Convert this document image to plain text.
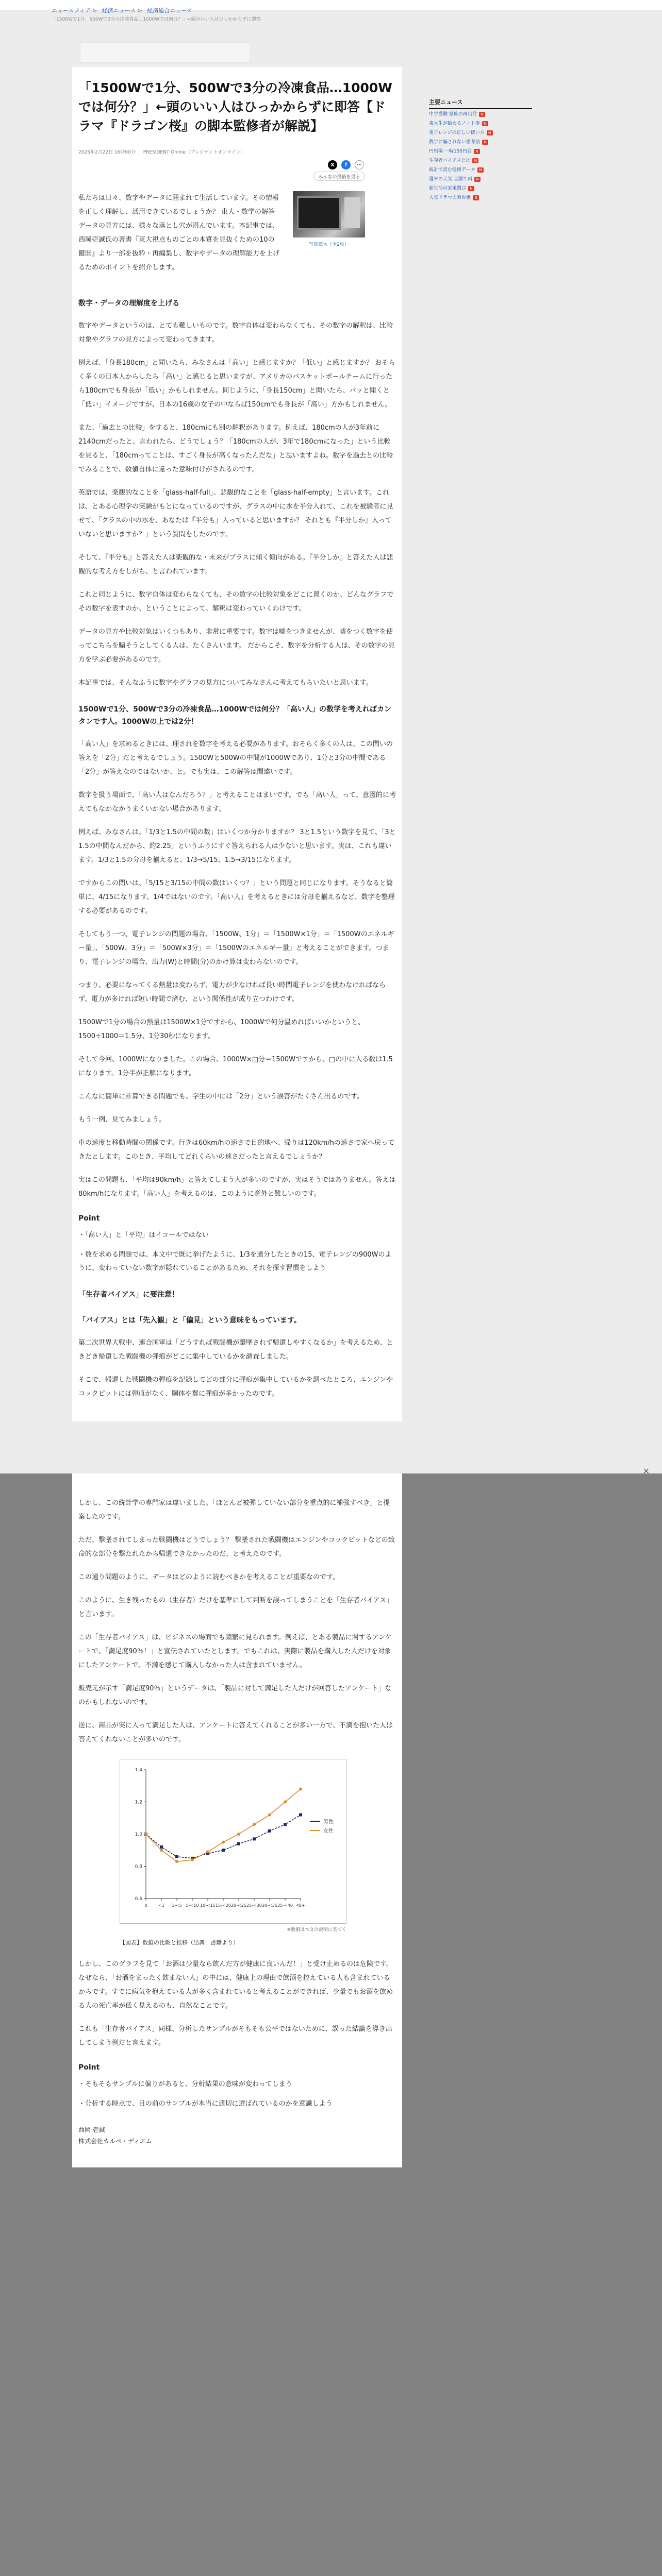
ニュースフィア > 経済ニュース > 経済総合ニュース
「1500Wで1分、500Wで3分の冷凍食品…1000Wでは何分？」←頭のいい人はひっかからずに即答
「1500Wで1分、500Wで3分の冷凍食品…1000Wでは何分？」←頭のいい人はひっかからずに即答【ドラマ『ドラゴン桜』の脚本監修者が解説】
2023年2月22日 16時00分 PRESIDENT Online（プレジデントオンライン）
X	f	⋯
みんなの投稿を見る

私たちは日々、数字やデータに囲まれて生活しています。その情報を正しく理解し、活用できているでしょうか？ 東大・数学の解答データの見方には、様々な落とし穴が潜んでいます。本記事では、西岡壱誠氏の著書『東大視点ものごとの本質を見抜くための10の鍵開』より一部を抜粋・再編集し、数字やデータの理解能力を上げるためのポイントを紹介します。

写真拡大（全2枚）
数字・データの理解度を上げる

数字やデータというのは、とても難しいものです。数字自体は変わらなくても、その数字の解釈は、比較対象やグラフの見方によって変わってきます。

例えば、「身長180cm」と聞いたら、みなさんは「高い」と感じますか？「低い」と感じますか？ おそらく多くの日本人からしたら「高い」と感じると思いますが、アメリカのバスケットボールチームに行ったら180cmでも身長が「低い」かもしれません。同じように、「身長150cm」と聞いたら、パッと聞くと「低い」イメージですが、日本の16歳の女子の中ならば150cmでも身長が「高い」方かもしれません。

また、「過去との比較」をすると、180cmにも別の解釈があります。例えば、180cmの人が3年前に2140cmだったと、言われたら、どうでしょう？「180cmの人が、3年で180cmになった」という比較を見ると、「180cmってことは、すごく身長が高くなったんだな」と思いますよね。数字を過去との比較でみることで、数値自体に違った意味付けがされるのです。

英語では、楽観的なことを「glass-half-full」、悲観的なことを「glass-half-empty」と言います。これは、とある心理学の実験がもとになっているのですが、グラスの中に水を半分入れて、これを被験者に見せて、「グラスの中の水を、あなたは『半分も』入っていると思いますか？ それとも『半分しか』入っていないと思いますか？」という質問をしたのです。

そして、『半分も』と答えた人は楽観的な・未来がプラスに傾く傾向がある。『半分しか』と答えた人は悲観的な考え方をしがち、と言われています。

これと同じように、数字自体は変わらなくても、その数字の比較対象をどこに置くのか、どんなグラフでその数字を表すのか、ということによって、解釈は変わっていくわけです。

データの見方や比較対象はいくつもあり、非常に重要です。数字は嘘をつきませんが、嘘をつく数字を使ってこちらを騙そうとしてくる人は、たくさんいます。 だからこそ、数字を分析する人は、その数字の見方を学ぶ必要があるのです。

本記事では、そんなふうに数字やグラフの見方についてみなさんに考えてもらいたいと思います。

1500Wで1分、500Wで3分の冷凍食品…1000Wでは何分？「高い人」の数学を考えればカンタンです人。1000Wの上では2分！

「高い人」を求めるときには、理されを数字を考える必要があります。おそらく多くの人は、この問いの答えを「2分」だと考えるでしょう。1500Wと500Wの中間が1000Wであり、1分と3分の中間である「2分」が答えなのではないか、と。でも実は、この解答は間違いです。

数字を扱う場面で、「高い人はなんだろう？」と考えることはまいです。でも「高い人」って、意図的に考えてもなかなかうまくいかない場合があります。

例えば、みなさんは、「1/3と1.5の中間の数」はいくつか分かりますか？ 3と1.5という数字を見て、「3と1.5の中間なんだから、約2.25」というふうにすぐ答えられる人は少ないと思います。実は、これも違います。1/3と1.5の分母を揃えると、1/3→5/15、1.5→3/15になります。

ですからこの問いは、「5/15と3/15の中間の数はいくつ？」という問題と同じになります。そうなると簡単に、4/15になります。1/4ではないのです。「高い人」を考えるときには分母を揃えるなど、数字を整理する必要があるのです。

そしてもう一つ、電子レンジの問題の場合、「1500W、1分」＝「1500W×1分」＝「1500Wのエネルギー量」、「500W、3分」＝「500W×3分」＝「1500Wのエネルギー量」と考えることができます。つまり、電子レンジの場合、出力(W)と時間(分)のかけ算は変わらないのです。

つまり、必要になってくる熱量は変わらず、電力が少なければ長い時間電子レンジを使わなければならず、電力が多ければ短い時間で済む、という関係性が成り立つわけです。

1500Wで1分の場合の熱量は1500W×1分ですから、1000Wで何分温めればいいかというと、1500÷1000＝1.5分、1分30秒になります。

そして今回、1000Wになりました。この場合、1000W×□分＝1500Wですから、□の中に入る数は1.5になります。1分半が正解になります。

こんなに簡単に計算できる問題でも、学生の中には「2分」という誤答がたくさん出るのです。

もう一例、見てみましょう。

車の速度と移動時間の関係です。行きは60km/hの速さで目的地へ、帰りは120km/hの速さで家へ戻ってきたとします。このとき、平均してどれくらいの速さだったと言えるでしょうか？

実はこの問題も、「平均は90km/h」と答えてしまう人が多いのですが、実はそうではありません。答えは80km/hになります。「高い人」を考えるのは、このように意外と難しいのです。

Point

・「高い人」と「平均」はイコールではない

・数を求める問題では、本文中で既に挙げたように、1/3を通分したときの15、電子レンジの900Wのように、変わっていない数字が隠れていることがあるため、それを探す習慣をしよう

「生存者バイアス」に要注意！
「バイアス」とは「先入観」と「偏見」という意味をもっています。

第二次世界大戦中、連合国軍は「どうすれば戦闘機が撃墜されず帰還しやすくなるか」を考えるため、ときどき帰還した戦闘機の弾痕がどこに集中しているかを調査しました。

そこで、帰還した戦闘機の弾痕を記録してどの部分に弾痕が集中しているかを調べたところ、エンジンやコックピットには弾痕がなく、胴体や翼に弾痕が多かったのです。

主要ニュース
中学受験 家族の再出発 N
東大生が勧めるノート術 N
電子レンジの正しい使い方 N
数字に騙されない思考法 N
円相場 一時150円台 N
生存者バイアスとは N
統計で読む健康データ N
週末の天気 全国で雨 N
新生活の家電選び N
人気ドラマの舞台裏 N
✕

しかし、この統計学の専門家は違いました。「ほとんど被弾していない部分を重点的に補強すべき」と提案したのです。

ただ、撃墜されてしまった戦闘機はどうでしょう？ 撃墜された戦闘機はエンジンやコックピットなどの致命的な部分を撃たれたから帰還できなかったのだ、と考えたのです。

この通り問題のように、データはどのように読むべきかを考えることが重要なのです。

このように、生き残ったもの（生存者）だけを基準にして判断を誤ってしまうことを「生存者バイアス」と言います。

この「生存者バイアス」は、ビジネスの場面でも頻繁に見られます。例えば、とある製品に関するアンケートで、「満足度90％！」と宣伝されていたとします。でもこれは、実際に製品を購入した人だけを対象にしたアンケートで、不満を感じて購入しなかった人は含まれていません。

販売元が示す「満足度90％」というデータは、「製品に対して満足した人だけが回答したアンケート」なのかもしれないのです。

逆に、商品が実に入って満足した人は、アンケートに答えてくれることが多い一方で、不満を抱いた人は答えてくれないことが多いのです。

0.6
0.8
1.0
1.2
1.4
0	<1 1-<5 5-<10 10-<15 15-<20 20-<25 25-<30 30-<35 35-<40 40+
男性
女性
※数値は本文の説明に基づく
【図表】数値の比較と推移（出典：書籍より）

しかし、このグラフを見て「お酒は少量なら飲んだ方が健康に良いんだ！」と受け止めるのは危険です。なぜなら、「お酒をまったく飲まない人」の中には、健康上の理由で飲酒を控えている人も含まれているからです。すでに病気を抱えている人が多く含まれていると考えることができれば、少量でもお酒を飲める人の死亡率が低く見えるのも、自然なことです。

これも「生存者バイアス」同様、分析したサンプルがそもそも公平ではないために、誤った結論を導き出してしまう例だと言えます。

Point

・そもそもサンプルに偏りがあると、分析結果の意味が変わってしまう

・分析する時点で、目の前のサンプルが本当に適切に選ばれているのかを意識しよう

西岡 壱誠
株式会社カルペ・ディエム
